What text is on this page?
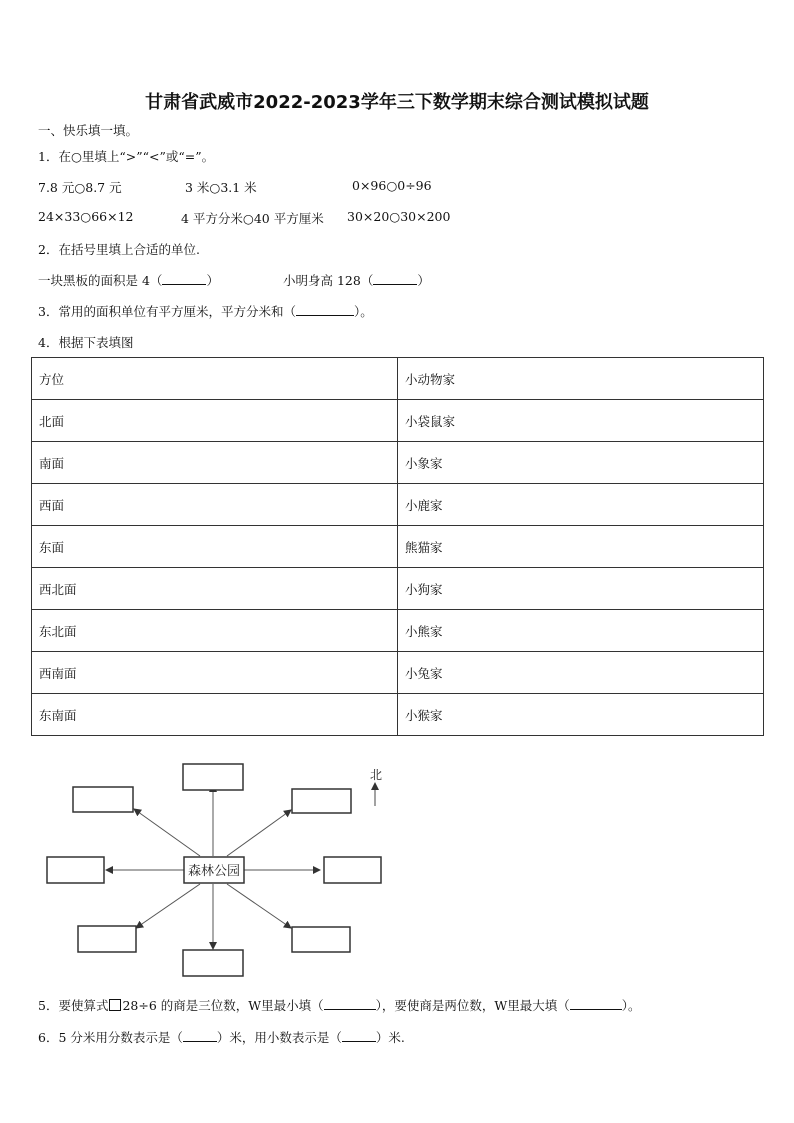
甘肃省武威市2022-2023学年三下数学期末综合测试模拟试题
一、快乐填一填。
1．在○里填上“>”“<”或“=”。
7.8 元○8.7 元	3 米○3.1 米	0×96○0÷96
24×33○66×12	4 平方分米○40 平方厘米 30×20○30×200
2．在括号里填上合适的单位.
一块黑板的面积是 4（	）	小明身高 128（	）
3．常用的面积单位有平方厘米，平方分米和（	）。
4．根据下表填图
方位	小动物家
北面	小袋鼠家
南面	小象家
西面	小鹿家
东面	熊猫家
西北面	小狗家
东北面	小熊家
西南面	小兔家
东南面	小猴家
森林公园
北
5．要使算式 28÷6 的商是三位数，W里最小填（	），要使商是两位数，W里最大填（	）。
6．5 分米用分数表示是（	）米，用小数表示是（	）米.
